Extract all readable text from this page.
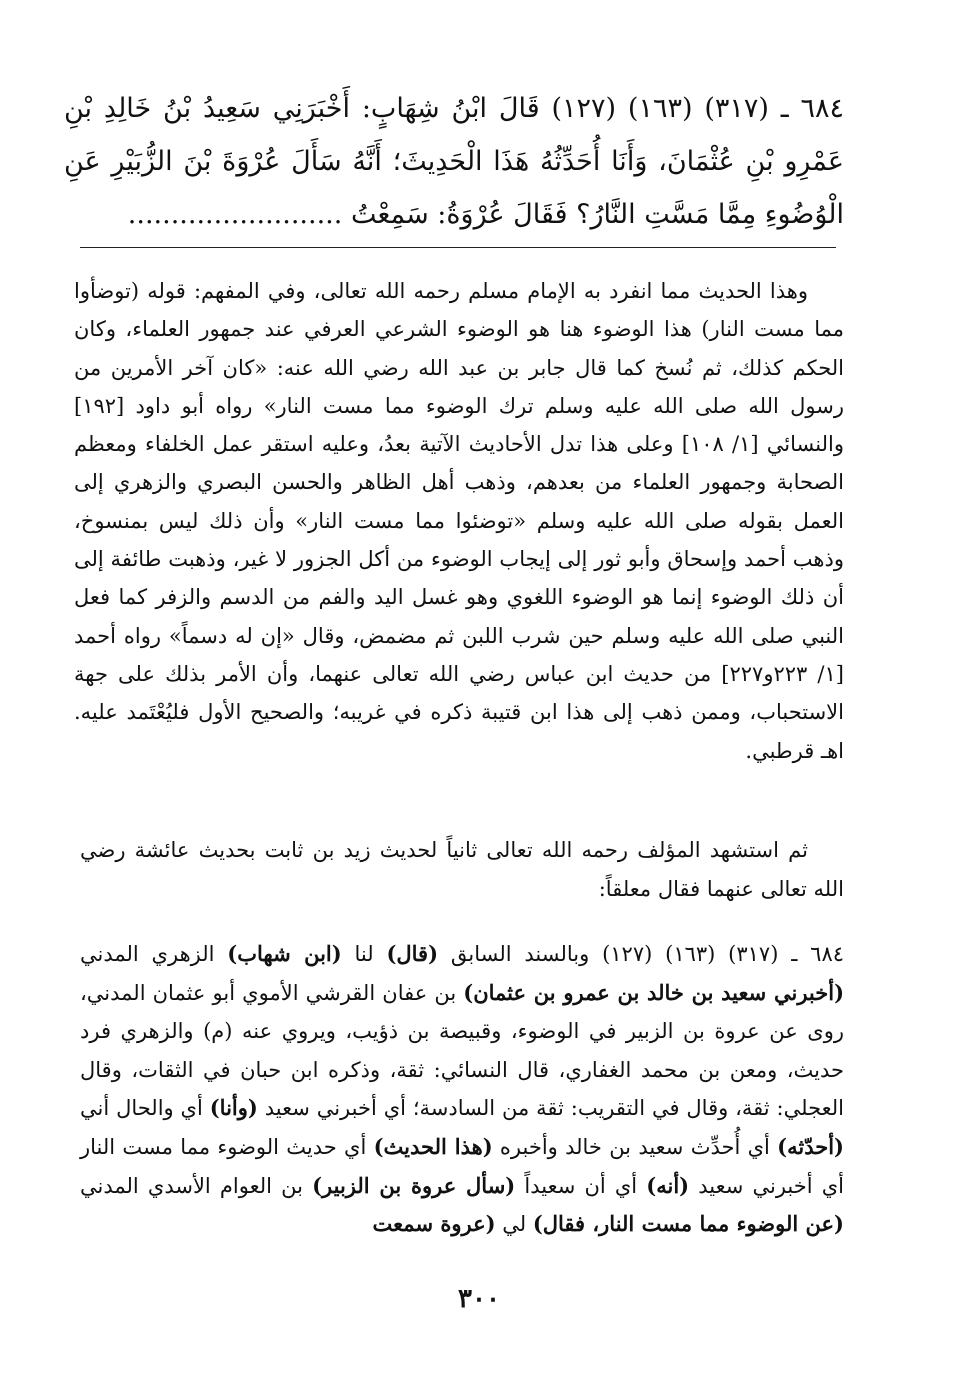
٦٨٤ ـ (٣١٧) (١٦٣) (١٢٧) قَالَ ابْنُ شِهَابٍ: أَخْبَرَنِي سَعِيدُ بْنُ خَالِدِ بْنِ عَمْرِو بْنِ عُثْمَانَ، وَأَنَا أُحَدِّثُهُ هَذَا الْحَدِيثَ؛ أَنَّهُ سَأَلَ عُرْوَةَ بْنَ الزُّبَيْرِ عَنِ الْوُضُوءِ مِمَّا مَسَّتِ النَّارُ؟ فَقَالَ عُرْوَةُ: سَمِعْتُ .........................

وهذا الحديث مما انفرد به الإمام مسلم رحمه الله تعالى، وفي المفهم: قوله (توضأوا مما مست النار) هذا الوضوء هنا هو الوضوء الشرعي العرفي عند جمهور العلماء، وكان الحكم كذلك، ثم نُسخ كما قال جابر بن عبد الله رضي الله عنه: «كان آخر الأمرين من رسول الله صلى الله عليه وسلم ترك الوضوء مما مست النار» رواه أبو داود [١٩٢] والنسائي [١/ ١٠٨] وعلى هذا تدل الأحاديث الآتية بعدُ، وعليه استقر عمل الخلفاء ومعظم الصحابة وجمهور العلماء من بعدهم، وذهب أهل الظاهر والحسن البصري والزهري إلى العمل بقوله صلى الله عليه وسلم «توضئوا مما مست النار» وأن ذلك ليس بمنسوخ، وذهب أحمد وإسحاق وأبو ثور إلى إيجاب الوضوء من أكل الجزور لا غير، وذهبت طائفة إلى أن ذلك الوضوء إنما هو الوضوء اللغوي وهو غسل اليد والفم من الدسم والزفر كما فعل النبي صلى الله عليه وسلم حين شرب اللبن ثم مضمض، وقال «إن له دسماً» رواه أحمد [١/ ٢٢٣و٢٢٧] من حديث ابن عباس رضي الله تعالى عنهما، وأن الأمر بذلك على جهة الاستحباب، وممن ذهب إلى هذا ابن قتيبة ذكره في غريبه؛ والصحيح الأول فليُعْتَمد عليه. اهـ قرطبي.

ثم استشهد المؤلف رحمه الله تعالى ثانياً لحديث زيد بن ثابت بحديث عائشة رضي الله تعالى عنهما فقال معلقاً:

٦٨٤ ـ (٣١٧) (١٦٣) (١٢٧) وبالسند السابق (قال) لنا (ابن شهاب) الزهري المدني (أخبرني سعيد بن خالد بن عمرو بن عثمان) بن عفان القرشي الأموي أبو عثمان المدني، روى عن عروة بن الزبير في الوضوء، وقبيصة بن ذؤيب، ويروي عنه (م) والزهري فرد حديث، ومعن بن محمد الغفاري، قال النسائي: ثقة، وذكره ابن حبان في الثقات، وقال العجلي: ثقة، وقال في التقريب: ثقة من السادسة؛ أي أخبرني سعيد (وأنا) أي والحال أني (أحدّثه) أي أُحدِّث سعيد بن خالد وأخبره (هذا الحديث) أي حديث الوضوء مما مست النار أي أخبرني سعيد (أنه) أي أن سعيداً (سأل عروة بن الزبير) بن العوام الأسدي المدني (عن الوضوء مما مست النار، فقال) لي (عروة سمعت

٣٠٠
